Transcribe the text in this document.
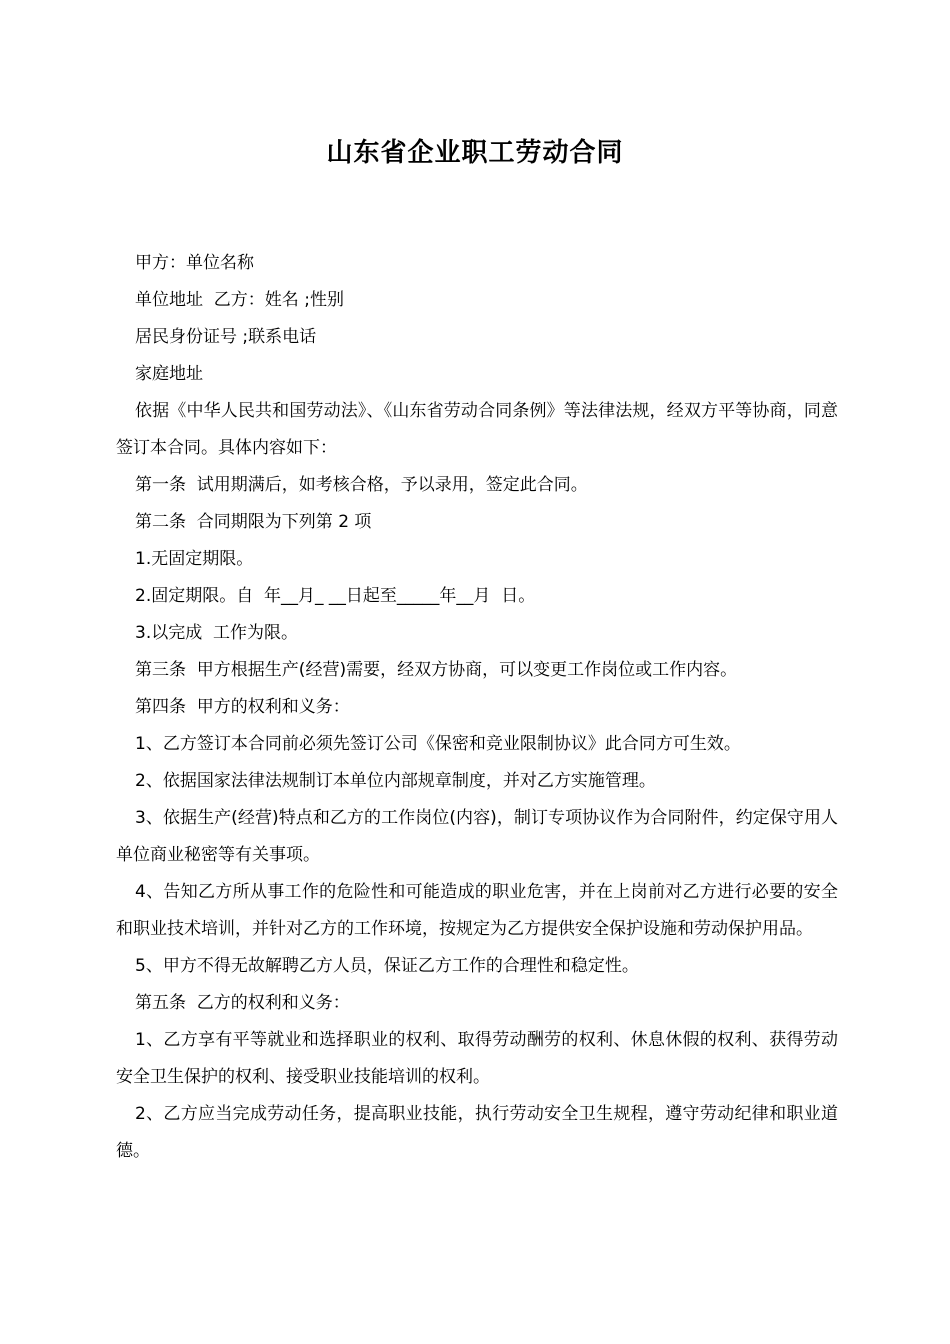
山东省企业职工劳动合同

甲方：单位名称

单位地址  乙方：姓名 ;性别

居民身份证号 ;联系电话

家庭地址

依据《中华人民共和国劳动法》、《山东省劳动合同条例》等法律法规，经双方平等协商，同意签订本合同。具体内容如下：

第一条  试用期满后，如考核合格，予以录用，签定此合同。

第二条  合同期限为下列第 2 项

1.无固定期限。

2.固定期限。自  年__月_ __日起至_____年__月  日。

3.以完成  工作为限。

第三条  甲方根据生产(经营)需要，经双方协商，可以变更工作岗位或工作内容。

第四条  甲方的权利和义务：

1、乙方签订本合同前必须先签订公司《保密和竞业限制协议》此合同方可生效。

2、依据国家法律法规制订本单位内部规章制度，并对乙方实施管理。

3、依据生产(经营)特点和乙方的工作岗位(内容)，制订专项协议作为合同附件，约定保守用人单位商业秘密等有关事项。

4、告知乙方所从事工作的危险性和可能造成的职业危害，并在上岗前对乙方进行必要的安全和职业技术培训，并针对乙方的工作环境，按规定为乙方提供安全保护设施和劳动保护用品。

5、甲方不得无故解聘乙方人员，保证乙方工作的合理性和稳定性。

第五条  乙方的权利和义务：

1、乙方享有平等就业和选择职业的权利、取得劳动酬劳的权利、休息休假的权利、获得劳动安全卫生保护的权利、接受职业技能培训的权利。

2、乙方应当完成劳动任务，提高职业技能，执行劳动安全卫生规程，遵守劳动纪律和职业道德。
